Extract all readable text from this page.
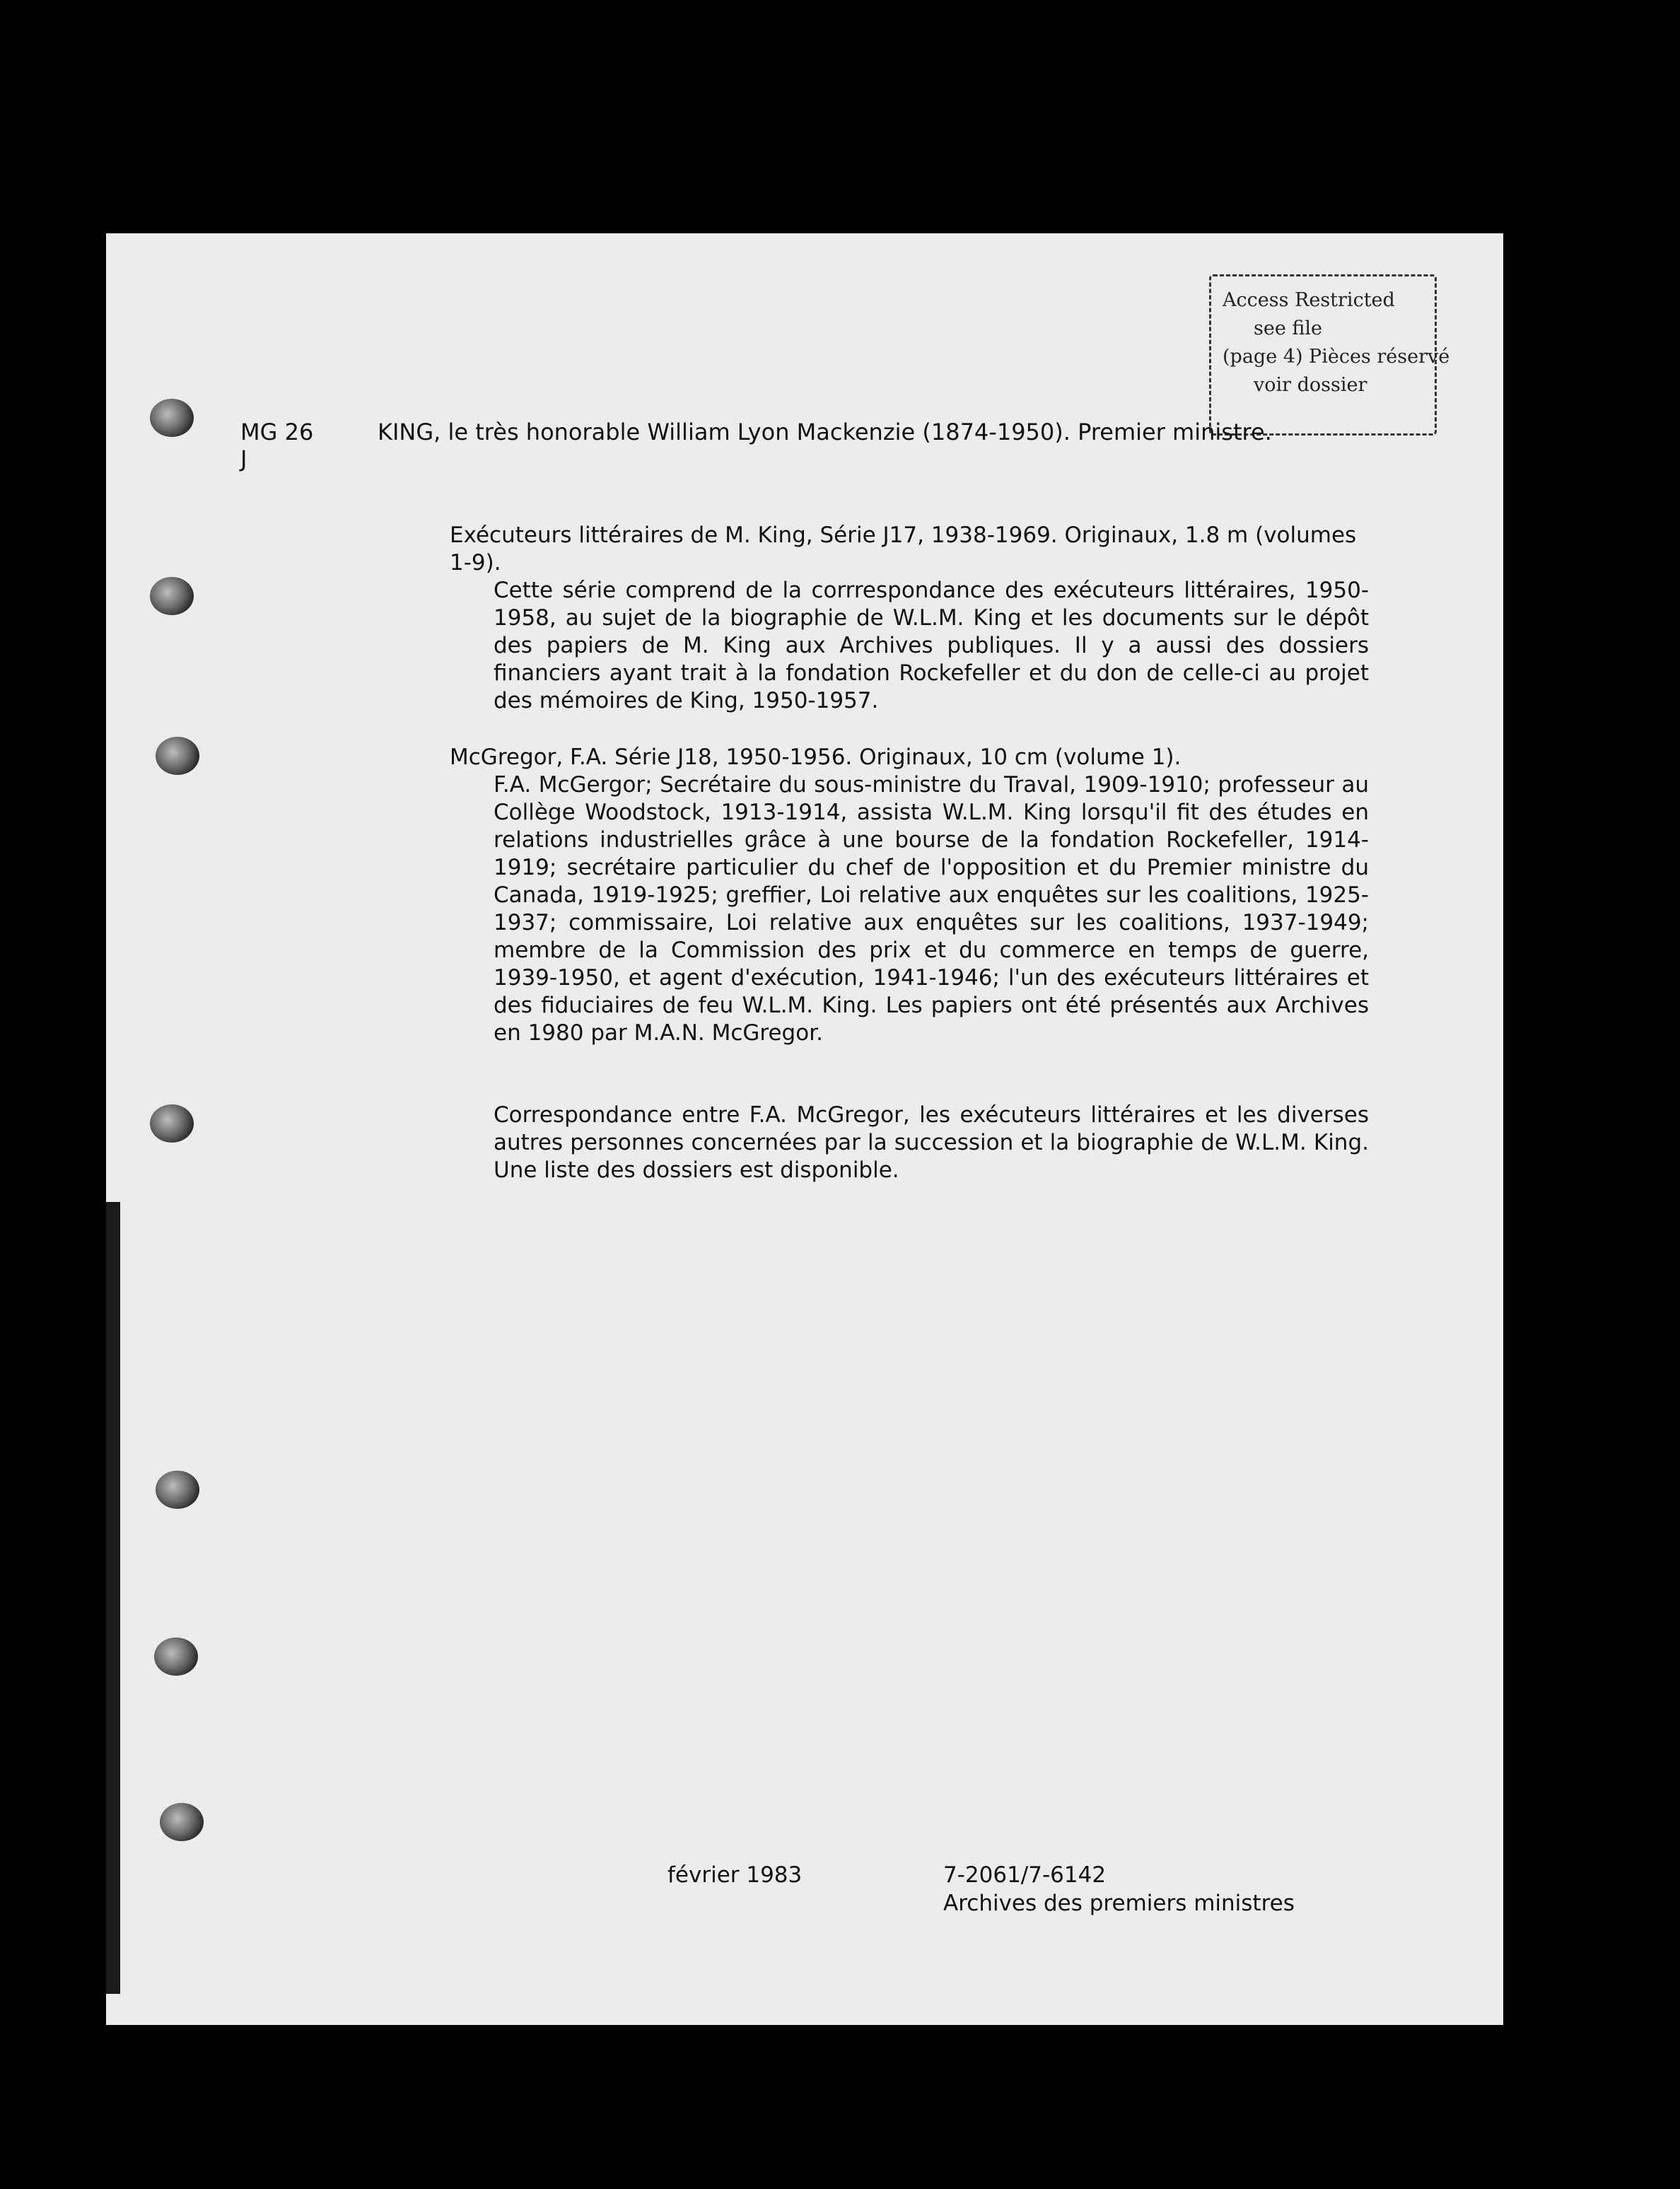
Access Restricted
see file
(page 4) Pièces réservé
voir dossier
MG 26
J
KING, le très honorable William Lyon Mackenzie (1874-1950). Premier ministre.

Exécuteurs littéraires de M. King, Série J17, 1938-1969. Originaux, 1.8 m (volumes 1-9).

Cette série comprend de la corrrespondance des exécuteurs littéraires, 1950-1958, au sujet de la biographie de W.L.M. King et les documents sur le dépôt des papiers de M. King aux Archives publiques. Il y a aussi des dossiers financiers ayant trait à la fondation Rockefeller et du don de celle-ci au projet des mémoires de King, 1950-1957.

McGregor, F.A. Série J18, 1950-1956. Originaux, 10 cm (volume 1).

F.A. McGergor; Secrétaire du sous-ministre du Traval, 1909-1910; professeur au Collège Woodstock, 1913-1914, assista W.L.M. King lorsqu'il fit des études en relations industrielles grâce à une bourse de la fondation Rockefeller, 1914-1919; secrétaire particulier du chef de l'opposition et du Premier ministre du Canada, 1919-1925; greffier, Loi relative aux enquêtes sur les coalitions, 1925-1937; commissaire, Loi relative aux enquêtes sur les coalitions, 1937-1949; membre de la Commission des prix et du commerce en temps de guerre, 1939-1950, et agent d'exécution, 1941-1946; l'un des exécuteurs littéraires et des fiduciaires de feu W.L.M. King. Les papiers ont été présentés aux Archives en 1980 par M.A.N. McGregor.

Correspondance entre F.A. McGregor, les exécuteurs littéraires et les diverses autres personnes concernées par la succession et la biographie de W.L.M. King. Une liste des dossiers est disponible.

février 1983	7-2061/7-6142
Archives des premiers ministres
